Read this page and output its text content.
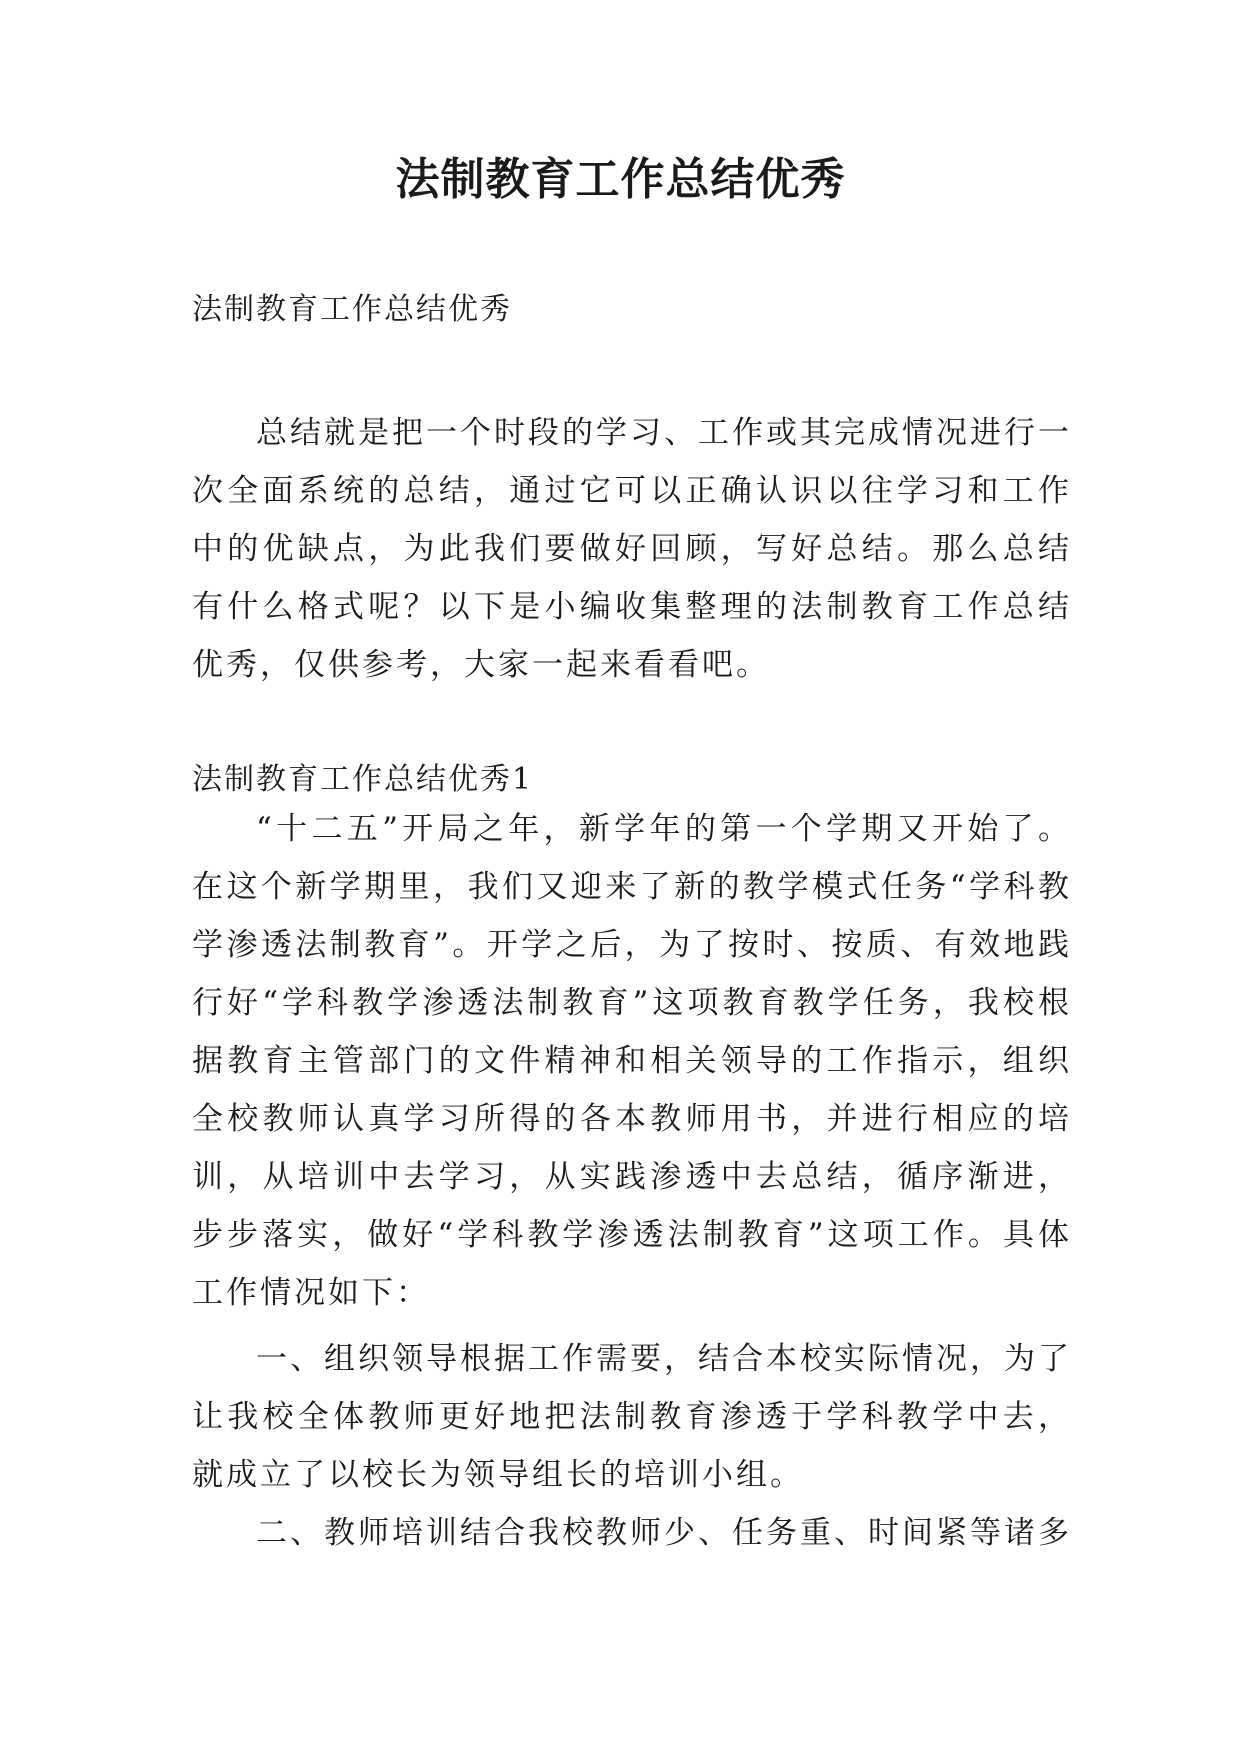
法制教育工作总结优秀

法制教育工作总结优秀

总结就是把一个时段的学习、工作或其完成情况进行一次全面系统的总结，通过它可以正确认识以往学习和工作中的优缺点，为此我们要做好回顾，写好总结。那么总结有什么格式呢？以下是小编收集整理的法制教育工作总结优秀，仅供参考，大家一起来看看吧。

法制教育工作总结优秀1

“十二五”开局之年，新学年的第一个学期又开始了。在这个新学期里，我们又迎来了新的教学模式任务“学科教学渗透法制教育”。开学之后，为了按时、按质、有效地践行好“学科教学渗透法制教育”这项教育教学任务，我校根据教育主管部门的文件精神和相关领导的工作指示，组织全校教师认真学习所得的各本教师用书，并进行相应的培训，从培训中去学习，从实践渗透中去总结，循序渐进，步步落实，做好“学科教学渗透法制教育”这项工作。具体工作情况如下：

一、组织领导根据工作需要，结合本校实际情况，为了让我校全体教师更好地把法制教育渗透于学科教学中去，就成立了以校长为领导组长的培训小组。

二、教师培训结合我校教师少、任务重、时间紧等诸多
